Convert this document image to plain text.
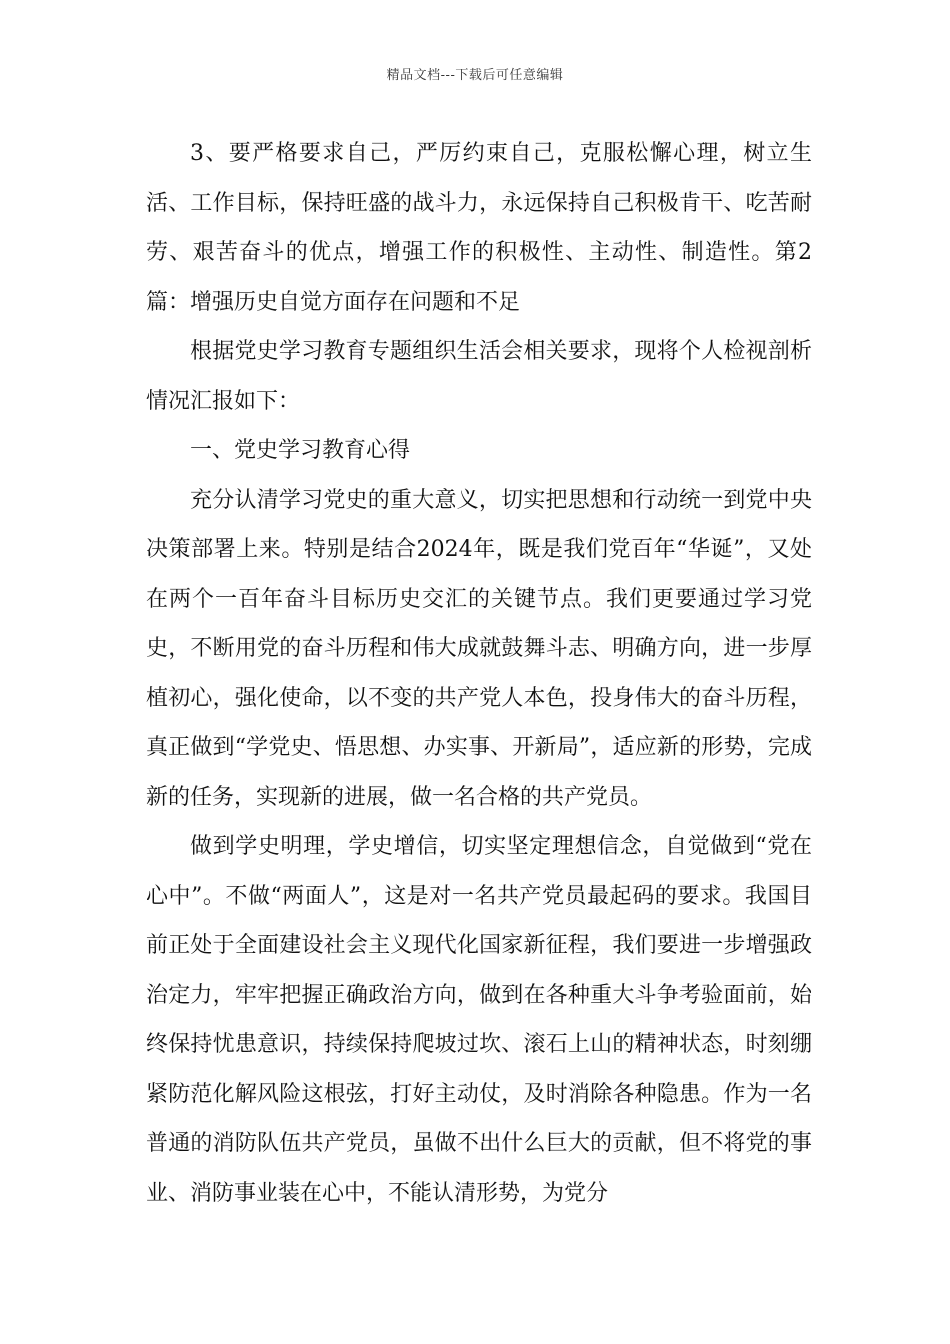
精品文档---下载后可任意编辑

3、要严格要求自己，严厉约束自己，克服松懈心理，树立生活、工作目标，保持旺盛的战斗力，永远保持自己积极肯干、吃苦耐劳、艰苦奋斗的优点，增强工作的积极性、主动性、制造性。第2篇：增强历史自觉方面存在问题和不足

根据党史学习教育专题组织生活会相关要求，现将个人检视剖析情况汇报如下：

一、党史学习教育心得

充分认清学习党史的重大意义，切实把思想和行动统一到党中央决策部署上来。特别是结合2024年，既是我们党百年“华诞”，又处在两个一百年奋斗目标历史交汇的关键节点。我们更要通过学习党史，不断用党的奋斗历程和伟大成就鼓舞斗志、明确方向，进一步厚植初心，强化使命，以不变的共产党人本色，投身伟大的奋斗历程，真正做到“学党史、悟思想、办实事、开新局”，适应新的形势，完成新的任务，实现新的进展，做一名合格的共产党员。

做到学史明理，学史增信，切实坚定理想信念，自觉做到“党在心中”。不做“两面人”，这是对一名共产党员最起码的要求。我国目前正处于全面建设社会主义现代化国家新征程，我们要进一步增强政治定力，牢牢把握正确政治方向，做到在各种重大斗争考验面前，始终保持忧患意识，持续保持爬坡过坎、滚石上山的精神状态，时刻绷紧防范化解风险这根弦，打好主动仗，及时消除各种隐患。作为一名普通的消防队伍共产党员，虽做不出什么巨大的贡献，但不将党的事业、消防事业装在心中，不能认清形势，为党分
